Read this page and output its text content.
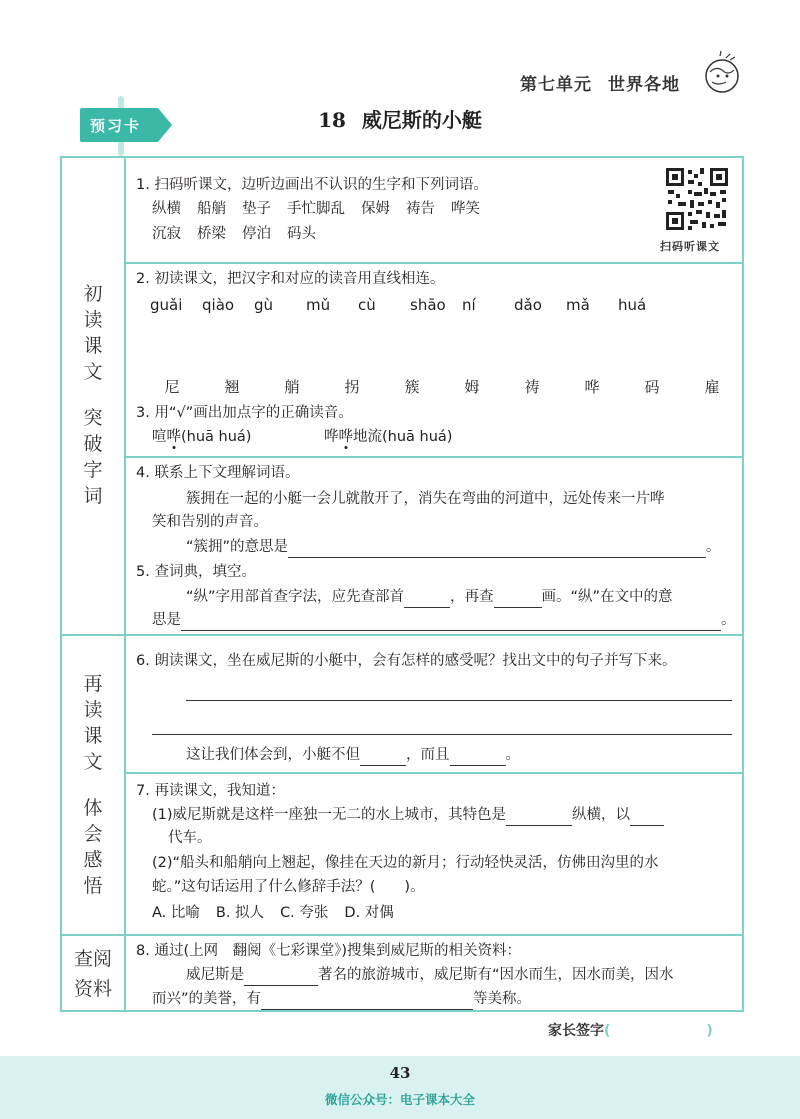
第七单元 世界各地
预习卡	18 威尼斯的小艇
初
读
课
文
突
破
字
词
再
读
课
文
体
会
感
悟
查阅
资料
1. 扫码听课文，边听边画出不认识的生字和下列词语。
纵横 船艄 垫子 手忙脚乱 保姆 祷告 哗笑
沉寂 桥梁 停泊 码头
扫码听课文
2. 初读课文，把汉字和对应的读音用直线相连。
guǎi qiào gù mǔ cù shāo ní	dǎo mǎ huá
尼	翘	艄	拐	簇	姆	祷	哗	码	雇
3. 用“√”画出加点字的正确读音。
喧哗(huā huá)	哗哗地流(huā huá)
4. 联系上下文理解词语。
簇拥在一起的小艇一会儿就散开了，消失在弯曲的河道中，远处传来一片哗
笑和告别的声音。
“簇拥”的意思是	。
5. 查词典，填空。
“纵”字用部首查字法，应先查部首	，再查	画。“纵”在文中的意
思是	。
6. 朗读课文，坐在威尼斯的小艇中，会有怎样的感受呢？找出文中的句子并写下来。
这让我们体会到，小艇不但	，而且	。
7. 再读课文，我知道：
(1)威尼斯就是这样一座独一无二的水上城市，其特色是	纵横，以
代车。
(2)“船头和船艄向上翘起，像挂在天边的新月；行动轻快灵活，仿佛田沟里的水
蛇。”这句话运用了什么修辞手法？(　　)。
A. 比喻 B. 拟人 C. 夸张 D. 对偶
8. 通过(上网　翻阅《七彩课堂》)搜集到威尼斯的相关资料：
威尼斯是	著名的旅游城市，威尼斯有“因水而生，因水而美，因水
而兴”的美誉，有	等美称。
家长签字(	)
43
微信公众号：电子课本大全
